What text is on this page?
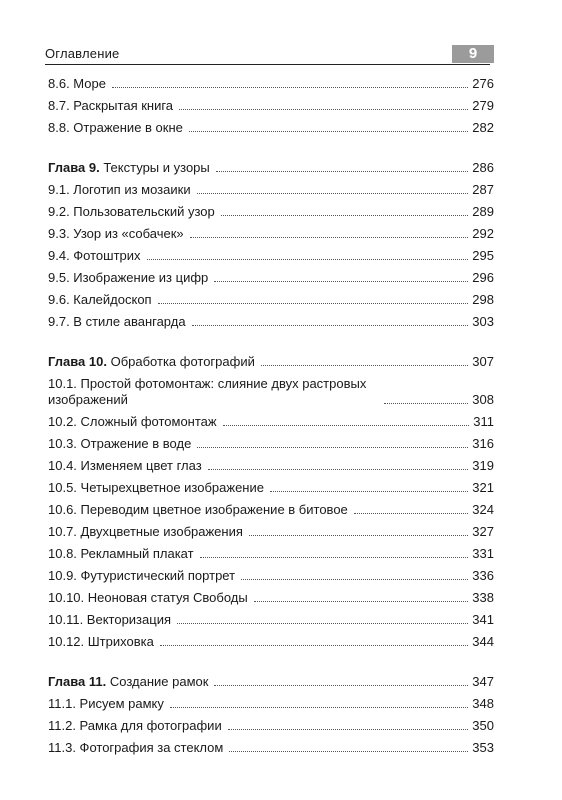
Оглавление	9
8.6. Море	276
8.7. Раскрытая книга	279
8.8. Отражение в окне	282
Глава 9. Текстуры и узоры	286
9.1. Логотип из мозаики	287
9.2. Пользовательский узор	289
9.3. Узор из «собачек»	292
9.4. Фотоштрих	295
9.5. Изображение из цифр	296
9.6. Калейдоскоп	298
9.7. В стиле авангарда	303
Глава 10. Обработка фотографий	307
10.1. Простой фотомонтаж: слияние двух растровых изображений	308
10.2. Сложный фотомонтаж	311
10.3. Отражение в воде	316
10.4. Изменяем цвет глаз	319
10.5. Четырехцветное изображение	321
10.6. Переводим цветное изображение в битовое	324
10.7. Двухцветные изображения	327
10.8. Рекламный плакат	331
10.9. Футуристический портрет	336
10.10. Неоновая статуя Свободы	338
10.11. Векторизация	341
10.12. Штриховка	344
Глава 11. Создание рамок	347
11.1. Рисуем рамку	348
11.2. Рамка для фотографии	350
11.3. Фотография за стеклом	353
